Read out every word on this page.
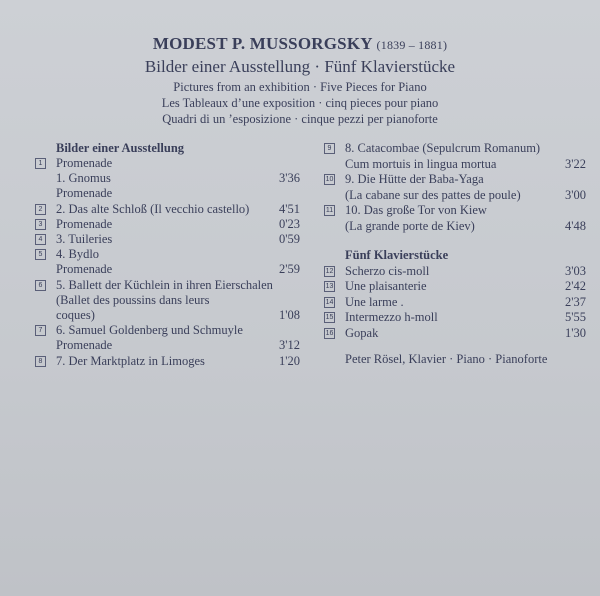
MODEST P. MUSSORGSKY (1839 – 1881)
Bilder einer Ausstellung · Fünf Klavierstücke
Pictures from an exhibition · Five Pieces for Piano
Les Tableaux d’une exposition · cinq pieces pour piano
Quadri di un ’esposizione · cinque pezzi per pianoforte
Bilder einer Ausstellung
1 Promenade
1. Gnomus	3'36
Promenade
2 2. Das alte Schloß (Il vecchio castello) 4'51
3 Promenade	0'23
4 3. Tuileries	0'59
5 4. Bydlo
Promenade	2'59
6 5. Ballett der Küchlein in ihren Eierschalen
(Ballet des poussins dans leurs
coques)	1'08
7 6. Samuel Goldenberg und Schmuyle
Promenade	3'12
8 7. Der Marktplatz in Limoges	1'20
9 8. Catacombae (Sepulcrum Romanum)
Cum mortuis in lingua mortua	3'22
10 9. Die Hütte der Baba-Yaga
(La cabane sur des pattes de poule)	3'00
11 10. Das große Tor von Kiew
(La grande porte de Kiev)	4'48
Fünf Klavierstücke
12 Scherzo cis-moll	3'03
13 Une plaisanterie	2'42
14 Une larme .	2'37
15 Intermezzo h-moll	5'55
16 Gopak	1'30
Peter Rösel, Klavier · Piano · Pianoforte
